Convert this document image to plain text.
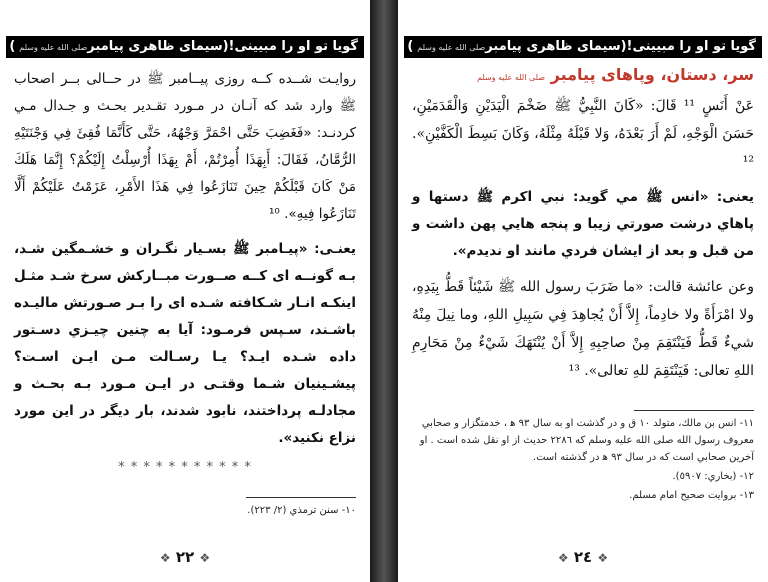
گویا تو او را مبیینی!(سیمای ظاهری پیامبرصلى الله عليه وسلم)

روایـت شــده کــه روزی پیــامبر ﷺ در حــالی بــر اصحاب ﷺ وارد شد که آنـان در مـورد تقـدیر بحـث و جـدال مـي کردنـد: «فَغَضِبَ حَتَّى احْمَرَّ وَجْهُهُ، حَتَّى كَأَنَّمَا فُقِئَ فِي وَجْنَتَيْهِ الرُّمَّانُ، فَقَالَ: أَبِهَذَا أُمِرْتُمْ، أَمْ بِهَذَا أُرْسِلْتُ إِلَيْكُمْ؟ إِنَّمَا هَلَكَ مَنْ كَانَ قَبْلَكُمْ حِينَ تَنَازَعُوا فِي هَذَا الأَمْرِ، عَزَمْتُ عَلَيْكُمْ أَلَّا تَنَازَعُوا فِيهِ». ¹⁰

یعنـی: «پیـامبر ﷺ بسـیار نگـران و خشـمگین شـد، بـه گونــه ای کــه صــورت مبــارکش سرخ شـد مثـل اینکـه انـار شـکافته شـده ای را بـر صـورتش مالیـده باشـند، سـپس فرمـود: آیا به چنین چیـزي دسـتور داده شـده ایـد؟ یـا رسـالت مـن ایـن اسـت؟ پیشـینیان شـما وقتـی در ایـن مـورد بـه بحـث و مجادلـه پرداختند، نابود شدند، بار دیگر در این مورد نزاع نکنید».

* * * * * * * * * * *

١٠- سنن ترمذي (٢/ ٢٢٣).

❖ ٢٢ ❖
گویا تو او را مبیینی!(سیمای ظاهری پیامبرصلى الله عليه وسلم)
سر، دستان، وپاهای پیامبر صلى الله عليه وسلم

عَنْ أَنَسٍ ¹¹ قَالَ: «كَانَ النَّبِيُّ ﷺ ضَخْمَ الْيَدَيْنِ وَالْقَدَمَيْنِ، حَسَنَ الْوَجْهِ، لَمْ أَرَ بَعْدَهُ، وَلا قَبْلَهُ مِثْلَهُ، وَكَانَ بَسِطَ الْكَفَّيْنِ». ¹²

یعنی: «انس ﷺ مي گوید: نبي اکرم ﷺ دستها و پاهاي درشت صورتي زیبا و پنجه هایي پهن داشت و من قبل و بعد از ایشان فردي مانند او ندیدم».

وعن عائشة قالت: «ما ضَرَبَ رسول الله ﷺ شَيْئاً قَطُّ بِيَدِهِ، ولا امْرَأَةً ولا خادِماً، إِلاَّ أَنْ يُجاهِدَ فِي سَبِيلِ اللهِ، وما نِيلَ مِنْهُ شيءٌ قَطُّ فَيَنْتَقِمَ مِنْ صاحِبِهِ إِلاَّ أَنْ يُنْتَهَكَ شَيْءٌ مِنْ مَحَارِمِ اللهِ تعالى: فَيَنْتَقِمَ للهِ تعالى». ¹³

١١- انس بن مالك، متولد ١٠ ق و در گذشت او به سال ٩٣ ﻫ ، خدمتگزار و صحابي معروف رسول الله صلى الله عليه وسلم که ٢٢٨٦ حديث از او نقل شده است . او آخرين صحابي است که در سال ٩٣ ﻫ در گذشته است.

١٢- (بخاري: ٥٩٠٧).

١٣- بروايت صحيح امام مسلم.

❖ ٢٤ ❖
